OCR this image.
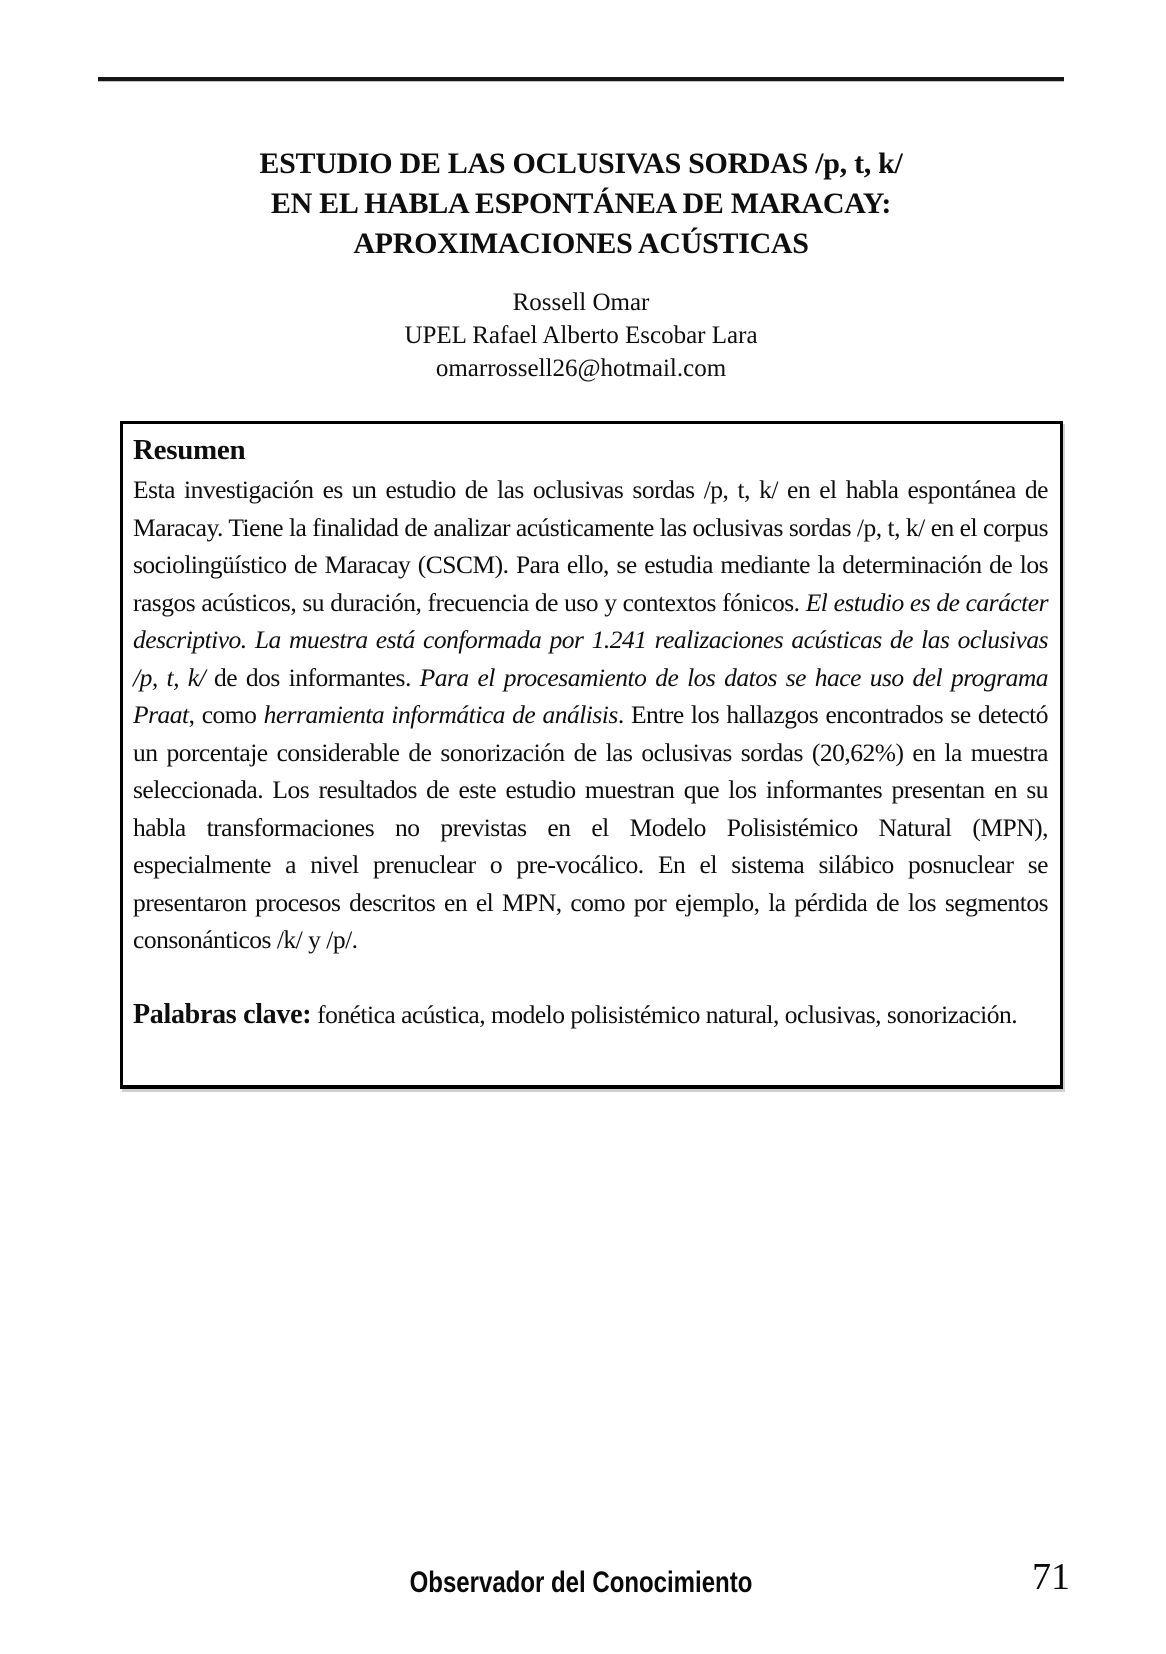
ESTUDIO DE LAS OCLUSIVAS SORDAS /p, t, k/
EN EL HABLA ESPONTÁNEA DE MARACAY:
APROXIMACIONES ACÚSTICAS
Rossell Omar
UPEL Rafael Alberto Escobar Lara
omarrossell26@hotmail.com
Resumen

Esta investigación es un estudio de las oclusivas sordas /p, t, k/ en el habla espontánea de Maracay. Tiene la finalidad de analizar acústicamente las oclusivas sordas /p, t, k/ en el corpus sociolingüístico de Maracay (CSCM). Para ello, se estudia mediante la determinación de los rasgos acústicos, su duración, frecuencia de uso y contextos fónicos. El estudio es de carácter descriptivo. La muestra está conformada por 1.241 realizaciones acústicas de las oclusivas /p, t, k/ de dos informantes. Para el procesamiento de los datos se hace uso del programa Praat, como herramienta informática de análisis. Entre los hallazgos encontrados se detectó un porcentaje considerable de sonorización de las oclusivas sordas (20,62%) en la muestra seleccionada. Los resultados de este estudio muestran que los informantes presentan en su habla transformaciones no previstas en el Modelo Polisistémico Natural (MPN), especialmente a nivel prenuclear o pre-vocálico. En el sistema silábico posnuclear se presentaron procesos descritos en el MPN, como por ejemplo, la pérdida de los segmentos consonánticos /k/ y /p/.

Palabras clave: fonética acústica, modelo polisistémico natural, oclusivas, sonorización.

Observador del Conocimiento	71
